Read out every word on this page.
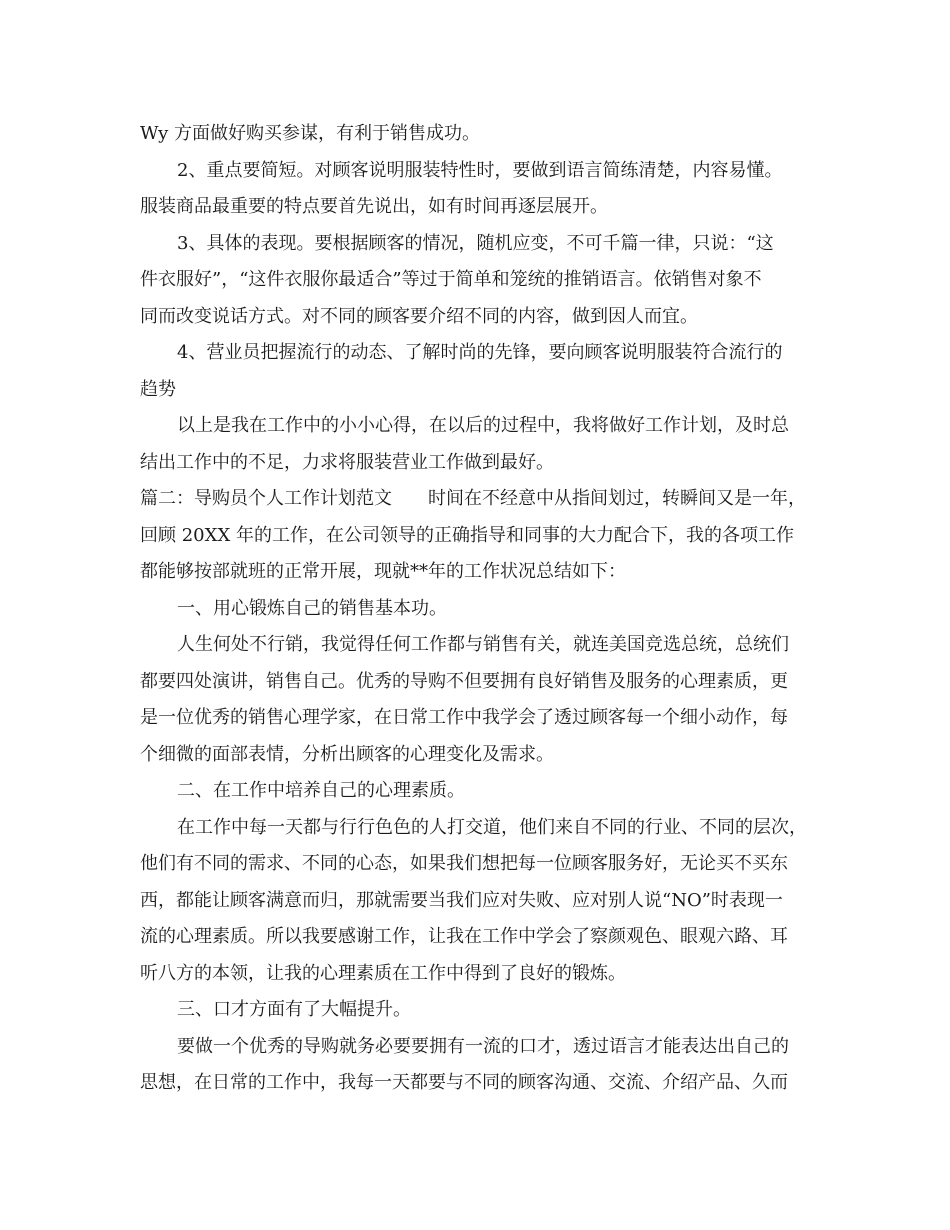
Wy 方面做好购买参谋，有利于销售成功。
2、重点要简短。对顾客说明服装特性时，要做到语言简练清楚，内容易懂。
服装商品最重要的特点要首先说出，如有时间再逐层展开。
3、具体的表现。要根据顾客的情况，随机应变，不可千篇一律，只说：“这
件衣服好”，“这件衣服你最适合”等过于简单和笼统的推销语言。依销售对象不
同而改变说话方式。对不同的顾客要介绍不同的内容，做到因人而宜。
4、营业员把握流行的动态、了解时尚的先锋，要向顾客说明服装符合流行的
趋势
以上是我在工作中的小小心得，在以后的过程中，我将做好工作计划，及时总
结出工作中的不足，力求将服装营业工作做到最好。
篇二：导购员个人工作计划范文　　时间在不经意中从指间划过，转瞬间又是一年，
回顾 20XX 年的工作，在公司领导的正确指导和同事的大力配合下，我的各项工作
都能够按部就班的正常开展，现就**年的工作状况总结如下：
一、用心锻炼自己的销售基本功。
人生何处不行销，我觉得任何工作都与销售有关，就连美国竞选总统，总统们
都要四处演讲，销售自己。优秀的导购不但要拥有良好销售及服务的心理素质，更
是一位优秀的销售心理学家，在日常工作中我学会了透过顾客每一个细小动作，每
个细微的面部表情，分析出顾客的心理变化及需求。
二、在工作中培养自己的心理素质。
在工作中每一天都与行行色色的人打交道，他们来自不同的行业、不同的层次，
他们有不同的需求、不同的心态，如果我们想把每一位顾客服务好，无论买不买东
西，都能让顾客满意而归，那就需要当我们应对失败、应对别人说“NO”时表现一
流的心理素质。所以我要感谢工作，让我在工作中学会了察颜观色、眼观六路、耳
听八方的本领，让我的心理素质在工作中得到了良好的锻炼。
三、口才方面有了大幅提升。
要做一个优秀的导购就务必要要拥有一流的口才，透过语言才能表达出自己的
思想，在日常的工作中，我每一天都要与不同的顾客沟通、交流、介绍产品、久而
